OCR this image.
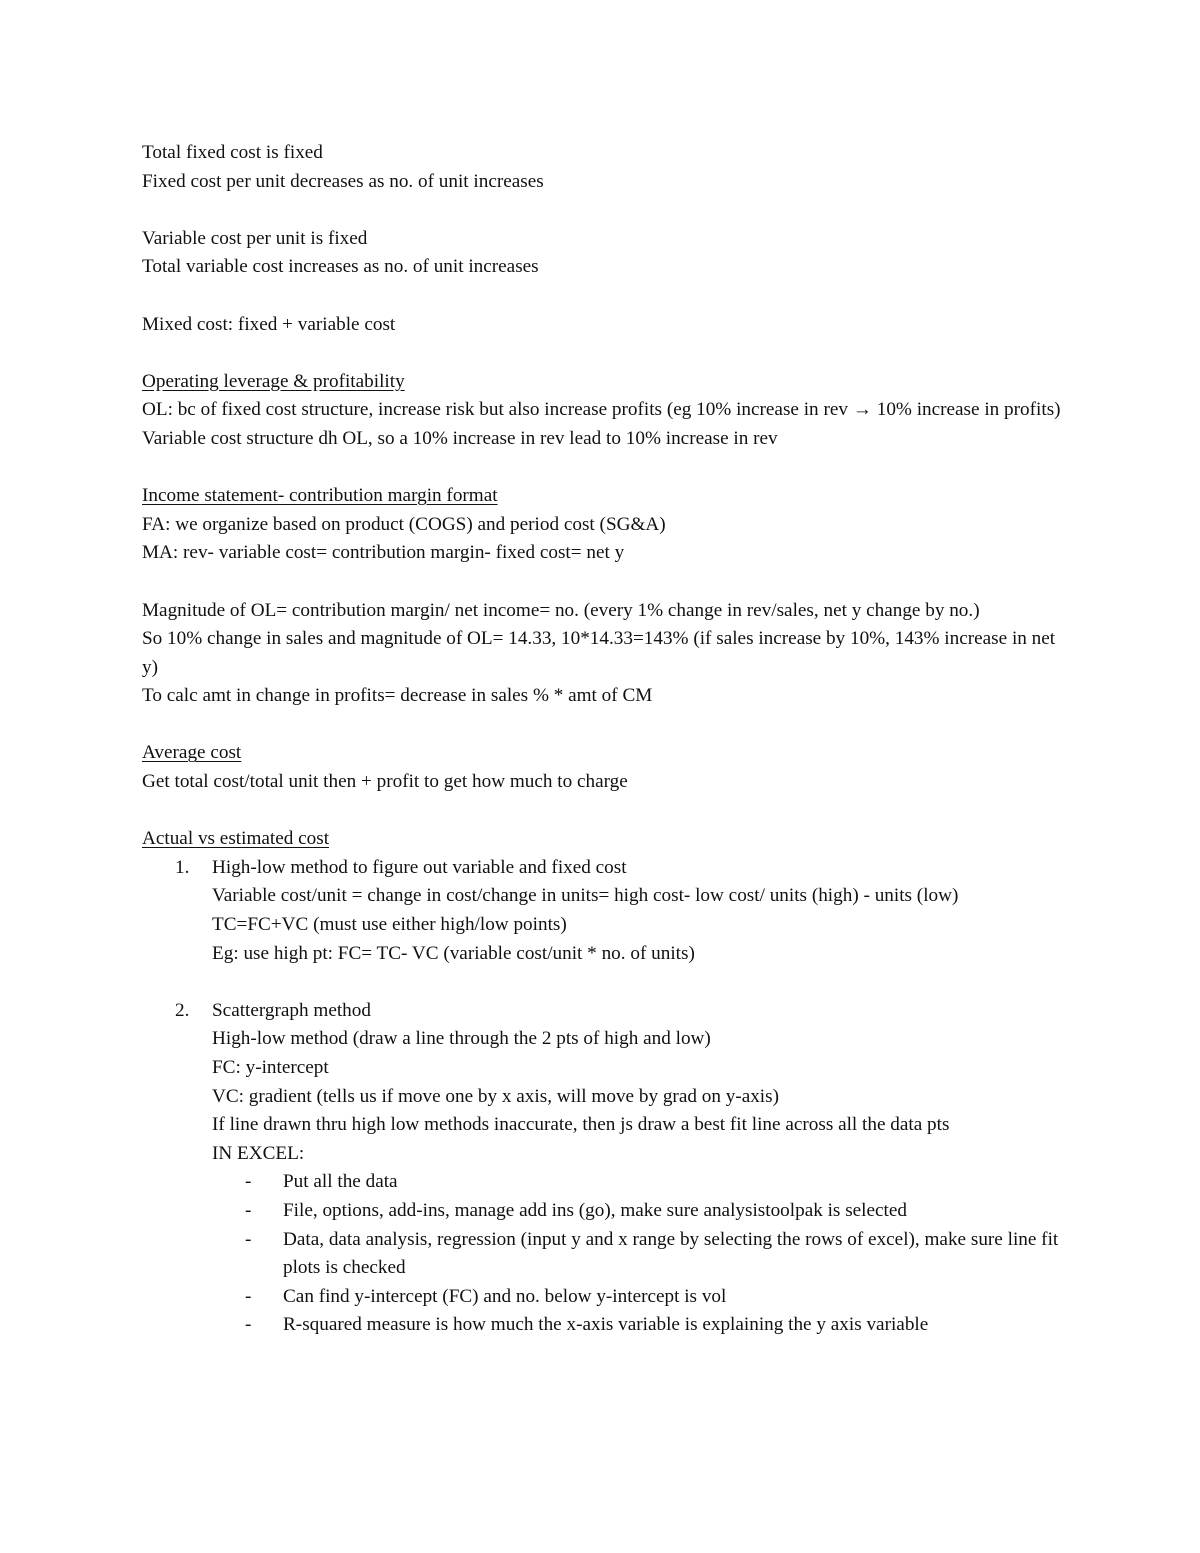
Total fixed cost is fixed
Fixed cost per unit decreases as no. of unit increases
Variable cost per unit is fixed
Total variable cost increases as no. of unit increases
Mixed cost: fixed + variable cost
Operating leverage & profitability
OL: bc of fixed cost structure, increase risk but also increase profits (eg 10% increase in rev → 10% increase in profits)
Variable cost structure dh OL, so a 10% increase in rev lead to 10% increase in rev
Income statement- contribution margin format
FA: we organize based on product (COGS) and period cost (SG&A)
MA: rev- variable cost= contribution margin- fixed cost= net y
Magnitude of OL= contribution margin/ net income= no. (every 1% change in rev/sales, net y change by no.)
So 10% change in sales and magnitude of OL= 14.33, 10*14.33=143% (if sales increase by 10%, 143% increase in net y)
To calc amt in change in profits= decrease in sales % * amt of CM
Average cost
Get total cost/total unit then + profit to get how much to charge
Actual vs estimated cost
1. High-low method to figure out variable and fixed cost
Variable cost/unit = change in cost/change in units= high cost- low cost/ units (high) - units (low)
TC=FC+VC (must use either high/low points)
Eg: use high pt: FC= TC- VC (variable cost/unit * no. of units)
2. Scattergraph method
High-low method (draw a line through the 2 pts of high and low)
FC: y-intercept
VC: gradient (tells us if move one by x axis, will move by grad on y-axis)
If line drawn thru high low methods inaccurate, then js draw a best fit line across all the data pts
IN EXCEL:
- Put all the data
- File, options, add-ins, manage add ins (go), make sure analysistoolpak is selected
- Data, data analysis, regression (input y and x range by selecting the rows of excel), make sure line fit plots is checked
- Can find y-intercept (FC) and no. below y-intercept is vol
- R-squared measure is how much the x-axis variable is explaining the y axis variable
